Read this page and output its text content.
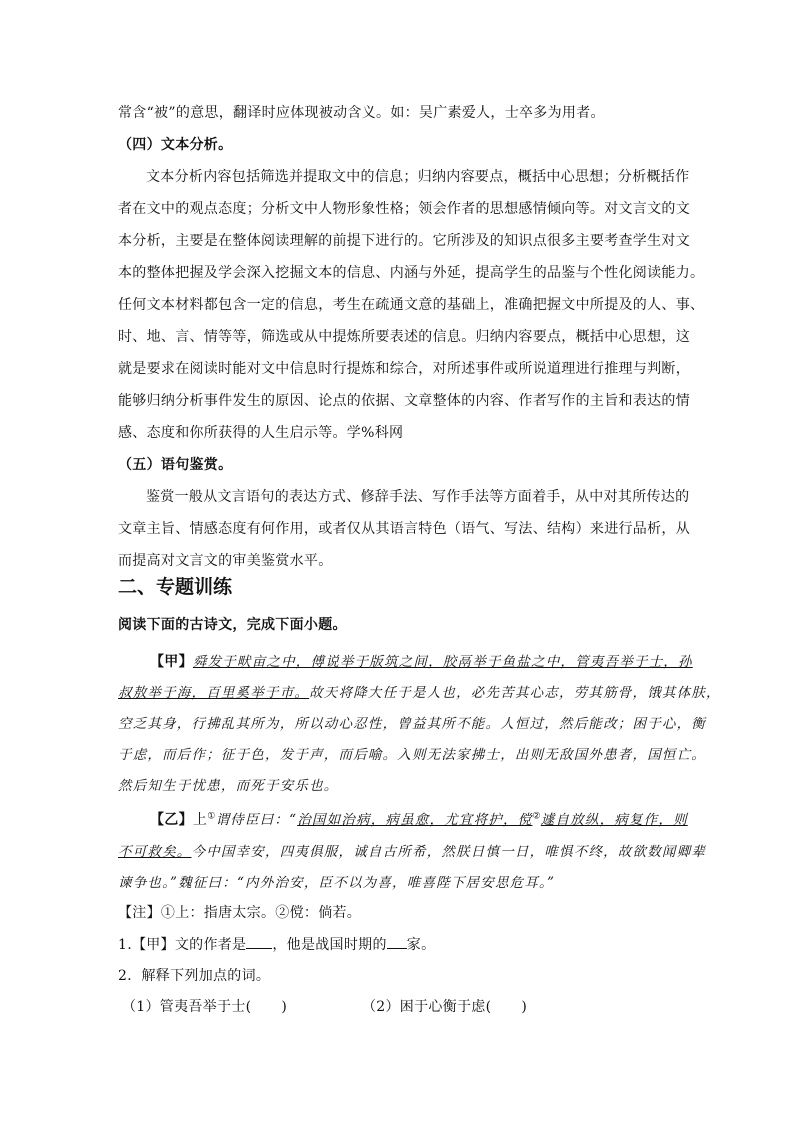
常含“被”的意思，翻译时应体现被动含义。如：吴广素爱人，士卒多为用者。
（四）文本分析。
文本分析内容包括筛选并提取文中的信息；归纳内容要点，概括中心思想；分析概括作
者在文中的观点态度；分析文中人物形象性格；领会作者的思想感情倾向等。对文言文的文
本分析，主要是在整体阅读理解的前提下进行的。它所涉及的知识点很多主要考查学生对文
本的整体把握及学会深入挖掘文本的信息、内涵与外延，提高学生的品鉴与个性化阅读能力。
任何文本材料都包含一定的信息，考生在疏通文意的基础上，准确把握文中所提及的人、事、
时、地、言、情等等，筛选或从中提炼所要表述的信息。归纳内容要点，概括中心思想，这
就是要求在阅读时能对文中信息时行提炼和综合，对所述事件或所说道理进行推理与判断，
能够归纳分析事件发生的原因、论点的依据、文章整体的内容、作者写作的主旨和表达的情
感、态度和你所获得的人生启示等。学%科网
（五）语句鉴赏。
鉴赏一般从文言语句的表达方式、修辞手法、写作手法等方面着手，从中对其所传达的
文章主旨、情感态度有何作用，或者仅从其语言特色（语气、写法、结构）来进行品析，从
而提高对文言文的审美鉴赏水平。
二、专题训练
阅读下面的古诗文，完成下面小题。
【甲】舜发于畎亩之中，傅说举于版筑之间，胶鬲举于鱼盐之中，管夷吾举于士，孙
叔敖举于海，百里奚举于市。故天将降大任于是人也，必先苦其心志，劳其筋骨，饿其体肤，
空乏其身，行拂乱其所为，所以动心忍性，曾益其所不能。人恒过，然后能改；困于心，衡
于虑，而后作；征于色，发于声，而后喻。入则无法家拂士，出则无敌国外患者，国恒亡。
然后知生于忧患，而死于安乐也。
【乙】上①谓侍臣曰：“治国如治病，病虽愈，尤宜将护，傥②遽自放纵，病复作，则
不可救矣。今中国幸安，四夷俱服，诚自古所希，然朕日慎一日，唯惧不终，故欲数闻卿辈
谏争也。”魏征曰：“内外治安，臣不以为喜，唯喜陛下居安思危耳。”
【注】①上：指唐太宗。②傥：倘若。
1.【甲】文的作者是 ，他是战国时期的 家。
2．解释下列加点的词。
（1）管夷吾举于士( )	（2）困于心衡于虑( )
